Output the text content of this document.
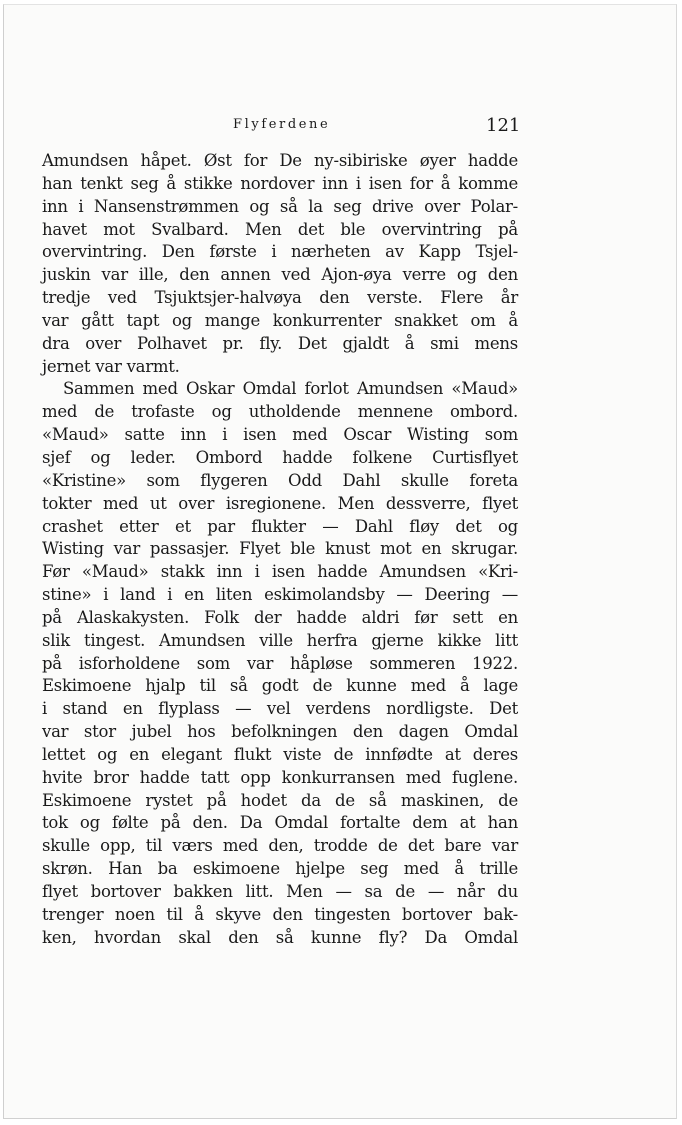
Flyferdene	121
Amundsen håpet. Øst for De ny-sibiriske øyer hadde
han tenkt seg å stikke nordover inn i isen for å komme
inn i Nansenstrømmen og så la seg drive over Polar-
havet mot Svalbard. Men det ble overvintring på
overvintring. Den første i nærheten av Kapp Tsjel-
juskin var ille, den annen ved Ajon-øya verre og den
tredje ved Tsjuktsjer-halvøya den verste. Flere år
var gått tapt og mange konkurrenter snakket om å
dra over Polhavet pr. fly. Det gjaldt å smi mens
jernet var varmt.
Sammen med Oskar Omdal forlot Amundsen «Maud»
med de trofaste og utholdende mennene ombord.
«Maud» satte inn i isen med Oscar Wisting som
sjef og leder. Ombord hadde folkene Curtisflyet
«Kristine» som flygeren Odd Dahl skulle foreta
tokter med ut over isregionene. Men dessverre, flyet
crashet etter et par flukter — Dahl fløy det og
Wisting var passasjer. Flyet ble knust mot en skrugar.
Før «Maud» stakk inn i isen hadde Amundsen «Kri-
stine» i land i en liten eskimolandsby — Deering —
på Alaskakysten. Folk der hadde aldri før sett en
slik tingest. Amundsen ville herfra gjerne kikke litt
på isforholdene som var håpløse sommeren 1922.
Eskimoene hjalp til så godt de kunne med å lage
i stand en flyplass — vel verdens nordligste. Det
var stor jubel hos befolkningen den dagen Omdal
lettet og en elegant flukt viste de innfødte at deres
hvite bror hadde tatt opp konkurransen med fuglene.
Eskimoene rystet på hodet da de så maskinen, de
tok og følte på den. Da Omdal fortalte dem at han
skulle opp, til værs med den, trodde de det bare var
skrøn. Han ba eskimoene hjelpe seg med å trille
flyet bortover bakken litt. Men — sa de — når du
trenger noen til å skyve den tingesten bortover bak-
ken, hvordan skal den så kunne fly? Da Omdal
